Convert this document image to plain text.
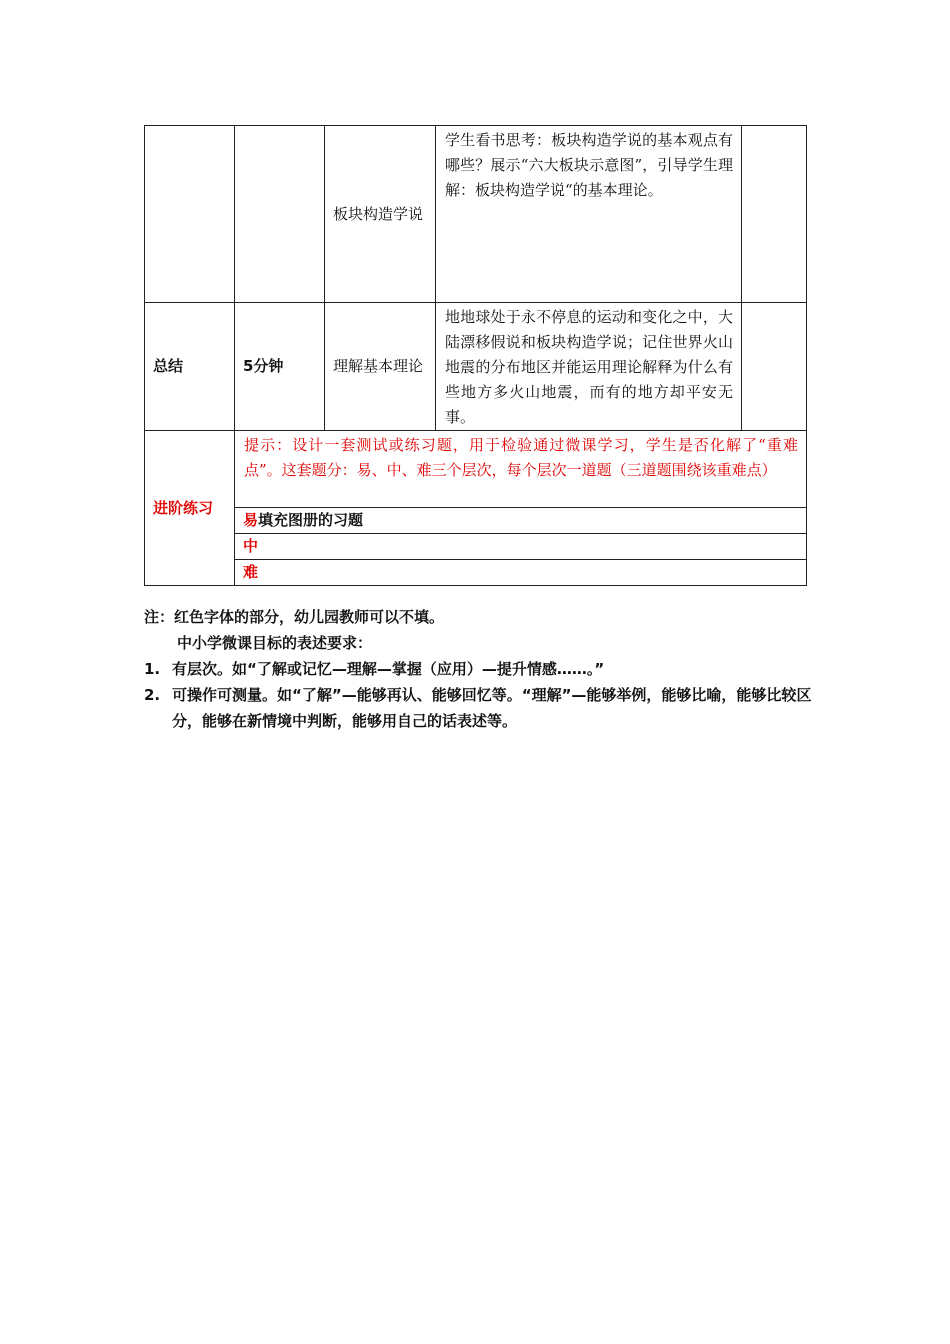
		板块构造学说	学生看书思考：板块构造学说的基本观点有哪些？展示“六大板块示意图”，引导学生理解：板块构造学说“的基本理论。	
总结	5分钟	理解基本理论	地地球处于永不停息的运动和变化之中，大陆漂移假说和板块构造学说；记住世界火山地震的分布地区并能运用理论解释为什么有些地方多火山地震，而有的地方却平安无事。	
进阶练习	提示：设计一套测试或练习题，用于检验通过微课学习，学生是否化解了“重难点”。这套题分：易、中、难三个层次，每个层次一道题（三道题围绕该重难点）			
	易填充图册的习题			
	中			
	难			

注：红色字体的部分，幼儿园教师可以不填。

中小学微课目标的表述要求：

1. 有层次。如“了解或记忆—理解—掌握（应用）—提升情感……。”
2. 可操作可测量。如“了解”—能够再认、能够回忆等。“理解”—能够举例，能够比喻，能够比较区分，能够在新情境中判断，能够用自己的话表述等。
